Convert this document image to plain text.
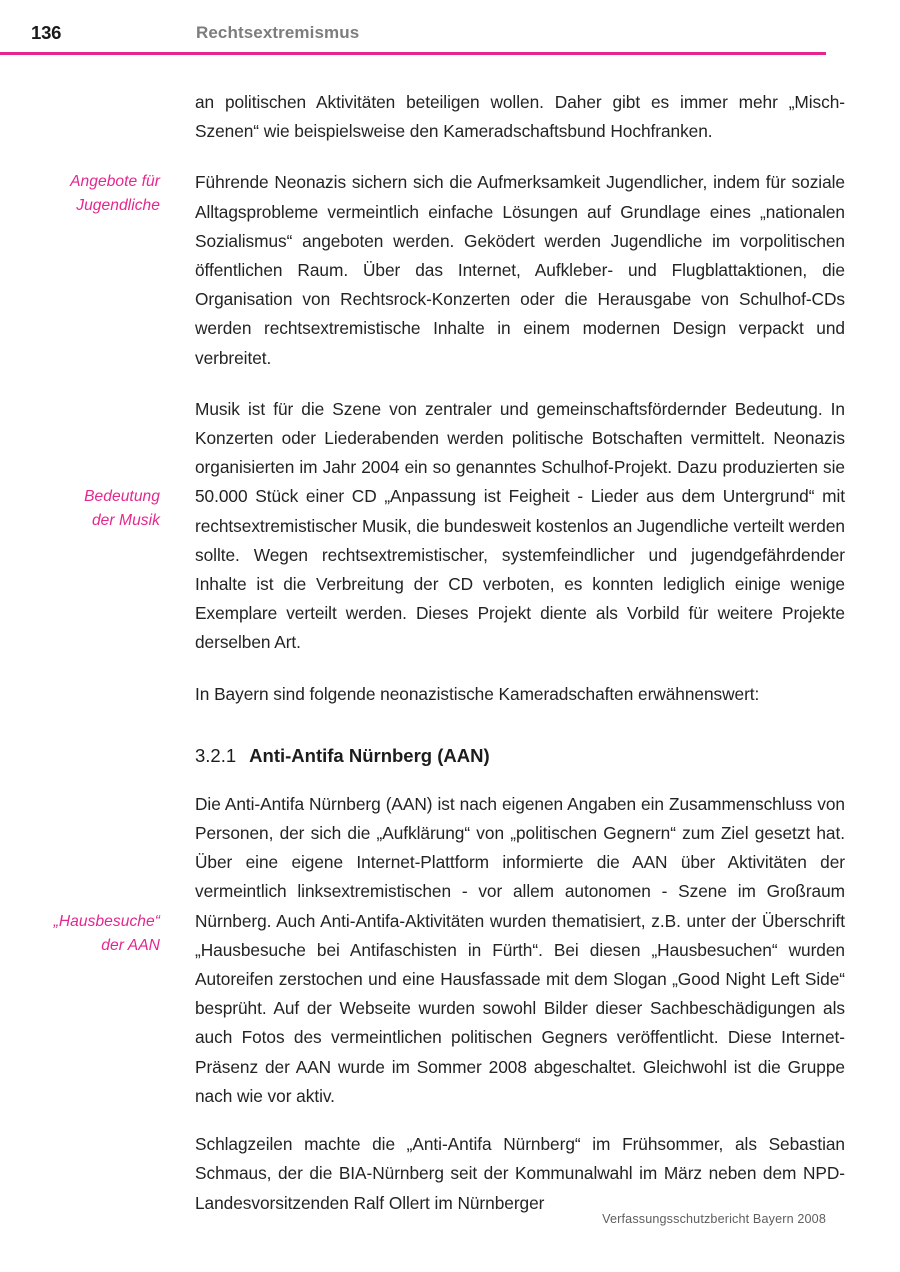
136	Rechtsextremismus

an politischen Aktivitäten beteiligen wollen. Daher gibt es immer mehr „Misch-Szenen“ wie beispielsweise den Kameradschaftsbund Hochfranken.

Angebote für
Jugendliche

Führende Neonazis sichern sich die Aufmerksamkeit Jugendlicher, indem für soziale Alltagsprobleme vermeintlich einfache Lösungen auf Grundlage eines „nationalen Sozialismus“ angeboten werden. Geködert werden Jugendliche im vorpolitischen öffentlichen Raum. Über das Internet, Aufkleber- und Flugblattaktionen, die Organisation von Rechtsrock-Konzerten oder die Herausgabe von Schulhof-CDs werden rechtsextremistische Inhalte in einem modernen Design verpackt und verbreitet.

Bedeutung
der Musik

Musik ist für die Szene von zentraler und gemeinschaftsfördernder Bedeutung. In Konzerten oder Liederabenden werden politische Botschaften vermittelt. Neonazis organisierten im Jahr 2004 ein so genanntes Schulhof-Projekt. Dazu produzierten sie 50.000 Stück einer CD „Anpassung ist Feigheit - Lieder aus dem Untergrund“ mit rechtsextremistischer Musik, die bundesweit kostenlos an Jugendliche verteilt werden sollte. Wegen rechtsextremistischer, systemfeindlicher und jugendgefährdender Inhalte ist die Verbreitung der CD verboten, es konnten lediglich einige wenige Exemplare verteilt werden. Dieses Projekt diente als Vorbild für weitere Projekte derselben Art.

In Bayern sind folgende neonazistische Kameradschaften erwähnenswert:

3.2.1 Anti-Antifa Nürnberg (AAN)
„Hausbesuche“
der AAN

Die Anti-Antifa Nürnberg (AAN) ist nach eigenen Angaben ein Zusammenschluss von Personen, der sich die „Aufklärung“ von „politischen Gegnern“ zum Ziel gesetzt hat. Über eine eigene Internet-Plattform informierte die AAN über Aktivitäten der vermeintlich linksextremistischen - vor allem autonomen - Szene im Großraum Nürnberg. Auch Anti-Antifa-Aktivitäten wurden thematisiert, z.B. unter der Überschrift „Hausbesuche bei Antifaschisten in Fürth“. Bei diesen „Hausbesuchen“ wurden Autoreifen zerstochen und eine Hausfassade mit dem Slogan „Good Night Left Side“ besprüht. Auf der Webseite wurden sowohl Bilder dieser Sachbeschädigungen als auch Fotos des vermeintlichen politischen Gegners veröffentlicht. Diese Internet-Präsenz der AAN wurde im Sommer 2008 abgeschaltet. Gleichwohl ist die Gruppe nach wie vor aktiv.

Schlagzeilen machte die „Anti-Antifa Nürnberg“ im Frühsommer, als Sebastian Schmaus, der die BIA-Nürnberg seit der Kommunalwahl im März neben dem NPD-Landesvorsitzenden Ralf Ollert im Nürnberger

Verfassungsschutzbericht Bayern 2008
